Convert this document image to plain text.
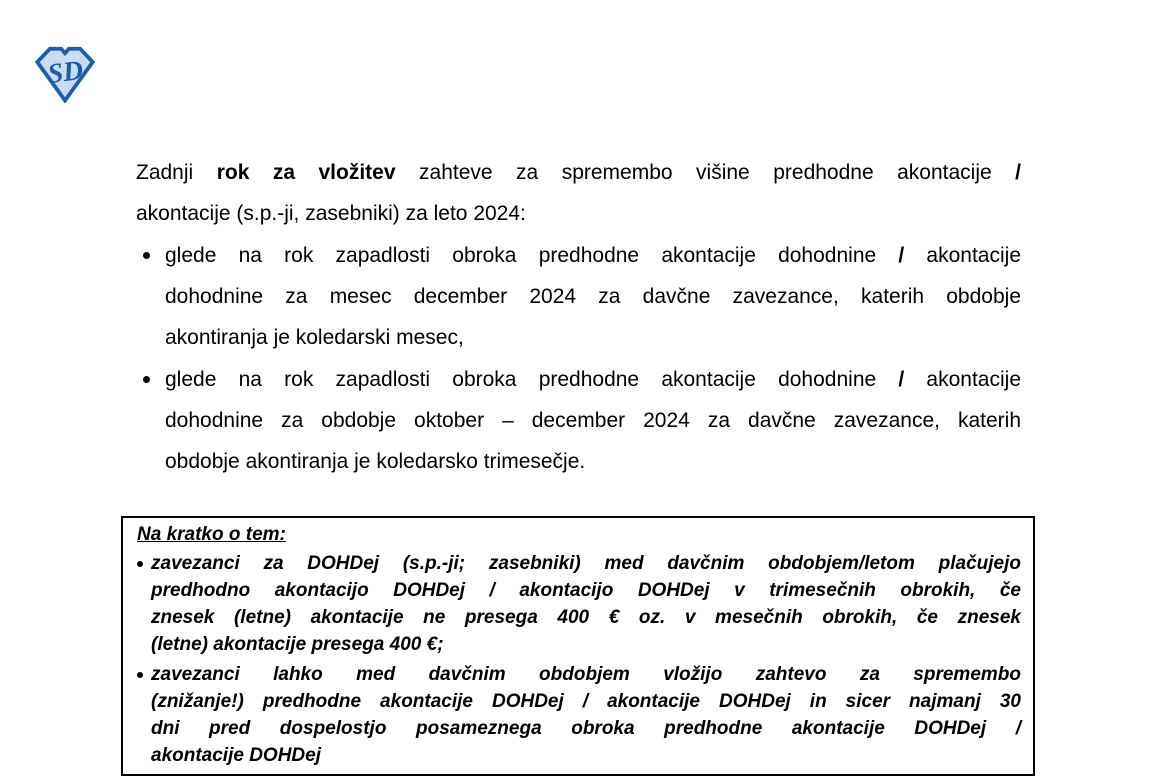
SD
Zadnji rok za vložitev zahteve za spremembo višine predhodne akontacije /
akontacije (s.p.-ji, zasebniki) za leto 2024:
glede na rok zapadlosti obroka predhodne akontacije dohodnine / akontacije
dohodnine za mesec december 2024 za davčne zavezance, katerih obdobje
akontiranja je koledarski mesec,
glede na rok zapadlosti obroka predhodne akontacije dohodnine / akontacije
dohodnine za obdobje oktober – december 2024 za davčne zavezance, katerih
obdobje akontiranja je koledarsko trimesečje.
Na kratko o tem:
zavezanci za DOHDej (s.p.-ji; zasebniki) med davčnim obdobjem/letom plačujejo
predhodno akontacijo DOHDej / akontacijo DOHDej v trimesečnih obrokih, če
znesek (letne) akontacije ne presega 400 € oz. v mesečnih obrokih, če znesek
(letne) akontacije presega 400 €;
zavezanci lahko med davčnim obdobjem vložijo zahtevo za spremembo
(znižanje!) predhodne akontacije DOHDej / akontacije DOHDej in sicer najmanj 30
dni pred dospelostjo posameznega obroka predhodne akontacije DOHDej /
akontacije DOHDej
